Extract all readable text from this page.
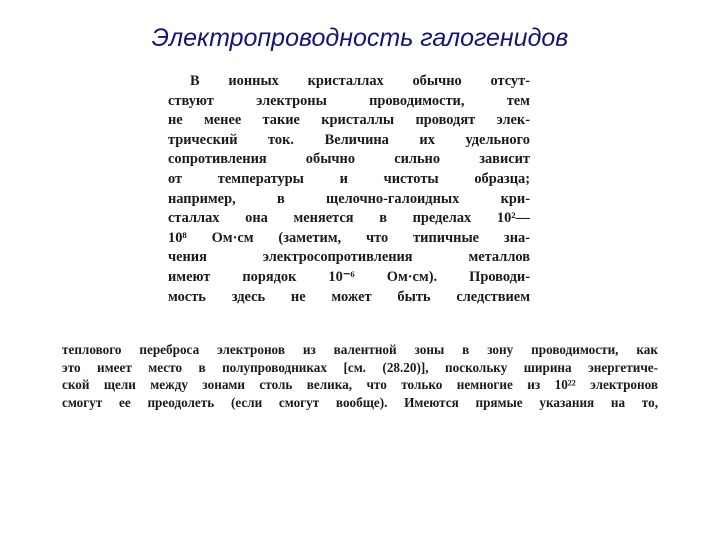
Электропроводность галогенидов
В ионных кристаллах обычно отсут-
ствуют электроны проводимости, тем
не менее такие кристаллы проводят элек-
трический ток. Величина их удельного
сопротивления обычно сильно зависит
от температуры и чистоты образца;
например, в щелочно-галоидных кри-
сталлах она меняется в пределах 10²—
10⁸ Ом·см (заметим, что типичные зна-
чения электросопротивления металлов
имеют порядок 10⁻⁶ Ом·см). Проводи-
мость здесь не может быть следствием
теплового переброса электронов из валентной зоны в зону проводимости, как
это имеет место в полупроводниках [см. (28.20)], поскольку ширина энергетиче-
ской щели между зонами столь велика, что только немногие из 10²² электронов
смогут ее преодолеть (если смогут вообще). Имеются прямые указания на то,
